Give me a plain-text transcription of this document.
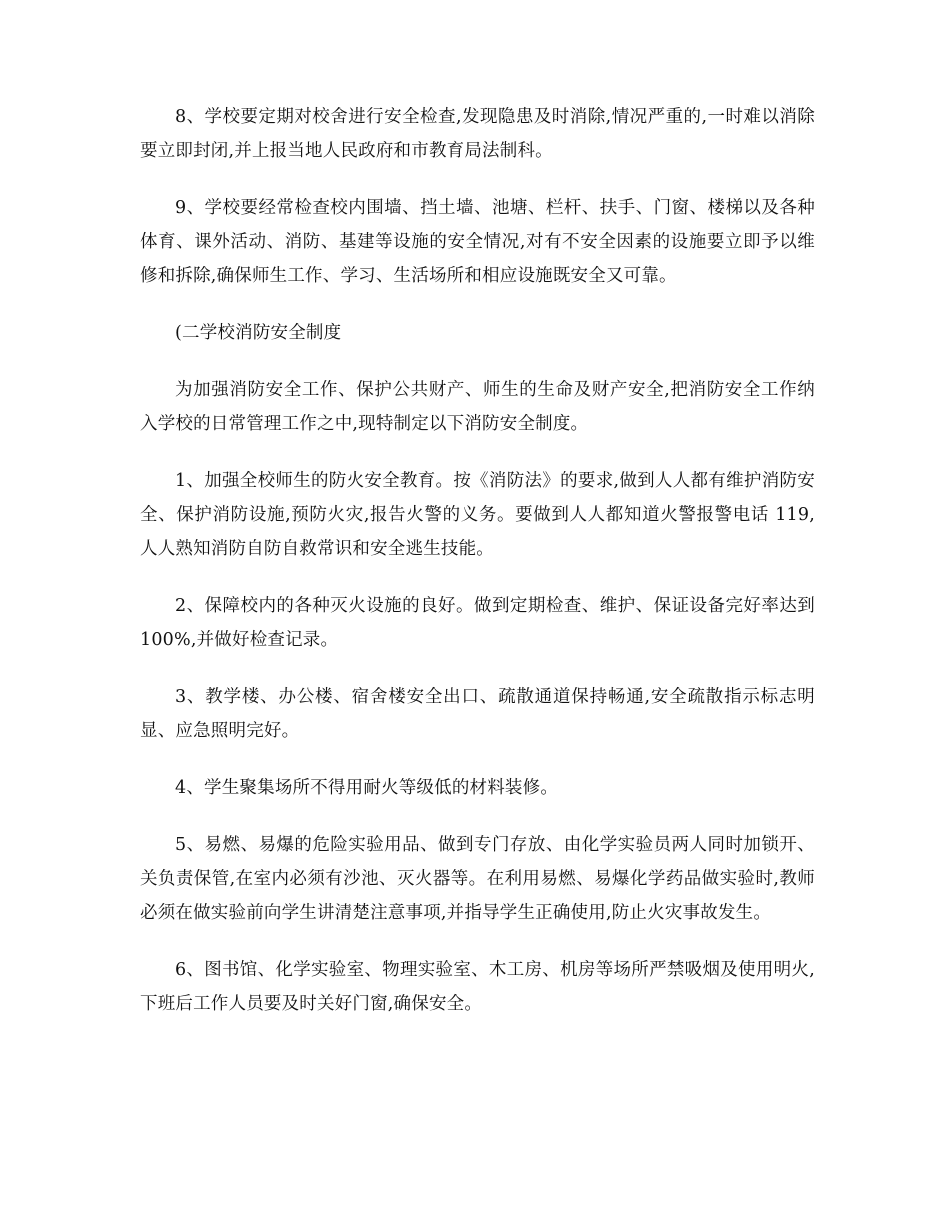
8、学校要定期对校舍进行安全检查,发现隐患及时消除,情况严重的,一时难以消除要立即封闭,并上报当地人民政府和市教育局法制科。

9、学校要经常检查校内围墙、挡土墙、池塘、栏杆、扶手、门窗、楼梯以及各种体育、课外活动、消防、基建等设施的安全情况,对有不安全因素的设施要立即予以维修和拆除,确保师生工作、学习、生活场所和相应设施既安全又可靠。

(二学校消防安全制度

为加强消防安全工作、保护公共财产、师生的生命及财产安全,把消防安全工作纳入学校的日常管理工作之中,现特制定以下消防安全制度。

1、加强全校师生的防火安全教育。按《消防法》的要求,做到人人都有维护消防安全、保护消防设施,预防火灾,报告火警的义务。要做到人人都知道火警报警电话 119,人人熟知消防自防自救常识和安全逃生技能。

2、保障校内的各种灭火设施的良好。做到定期检查、维护、保证设备完好率达到 100%,并做好检查记录。

3、教学楼、办公楼、宿舍楼安全出口、疏散通道保持畅通,安全疏散指示标志明显、应急照明完好。

4、学生聚集场所不得用耐火等级低的材料装修。

5、易燃、易爆的危险实验用品、做到专门存放、由化学实验员两人同时加锁开、关负责保管,在室内必须有沙池、灭火器等。在利用易燃、易爆化学药品做实验时,教师必须在做实验前向学生讲清楚注意事项,并指导学生正确使用,防止火灾事故发生。

6、图书馆、化学实验室、物理实验室、木工房、机房等场所严禁吸烟及使用明火,下班后工作人员要及时关好门窗,确保安全。
